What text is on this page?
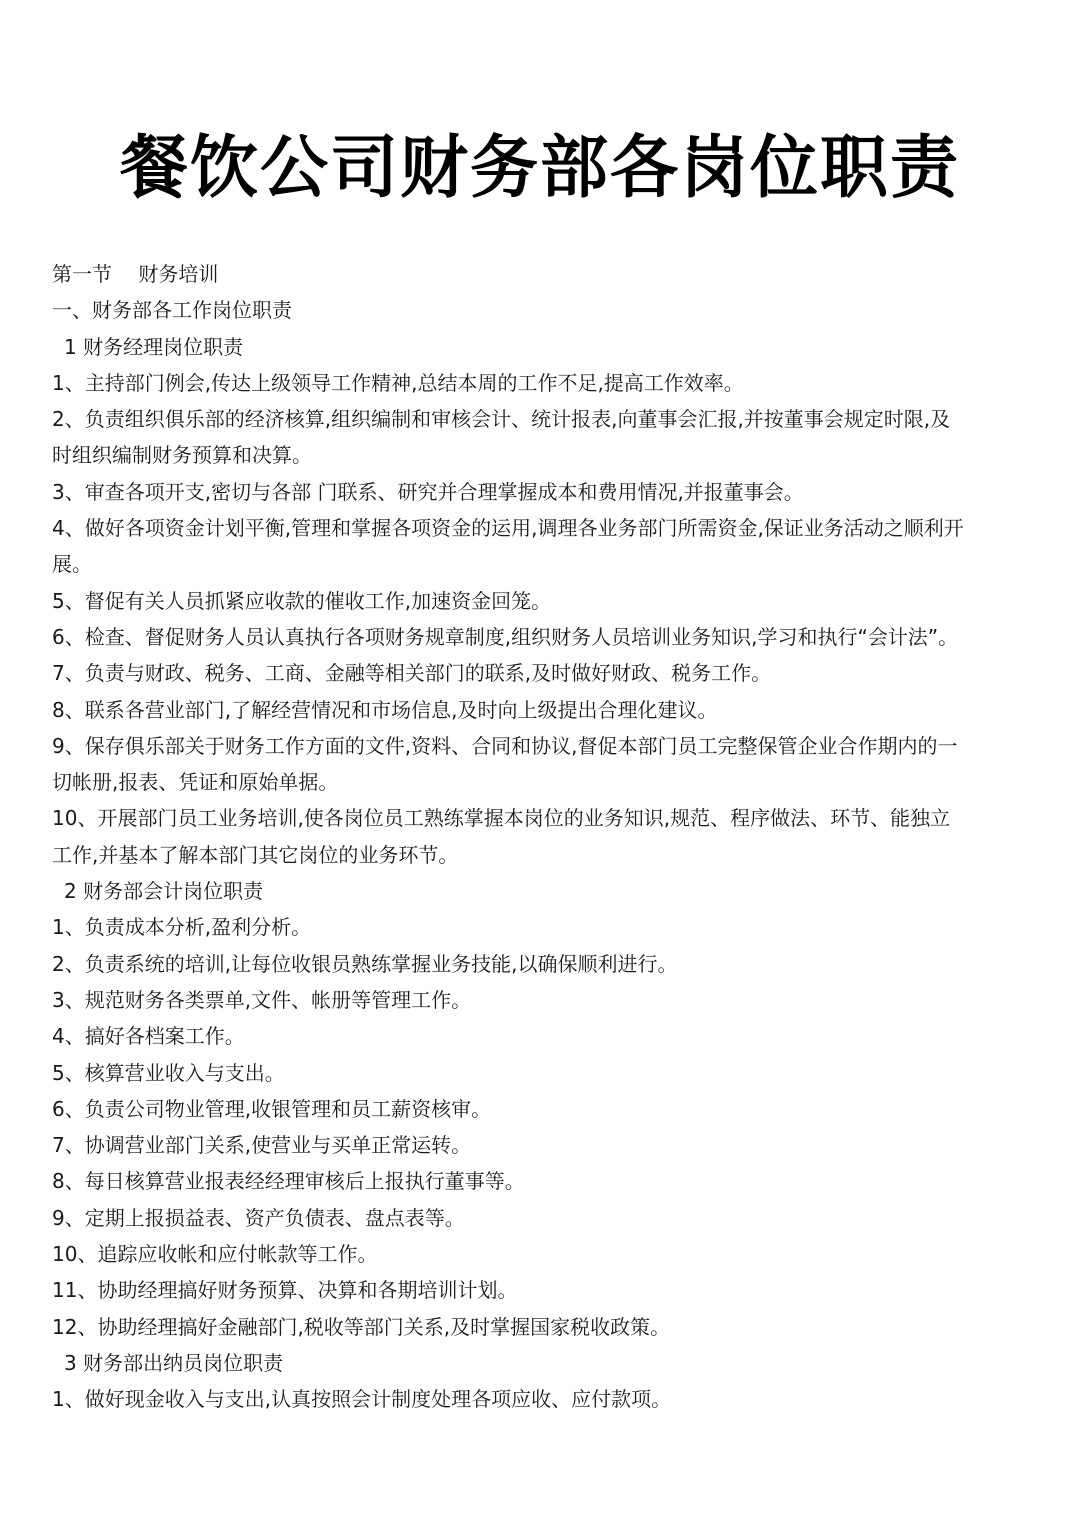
餐饮公司财务部各岗位职责
第一节　 财务培训
一、财务部各工作岗位职责
1 财务经理岗位职责
1、主持部门例会,传达上级领导工作精神,总结本周的工作不足,提高工作效率。
2、负责组织俱乐部的经济核算,组织编制和审核会计、统计报表,向董事会汇报,并按董事会规定时限,及
时组织编制财务预算和决算。
3、审查各项开支,密切与各部 门联系、研究并合理掌握成本和费用情况,并报董事会。
4、做好各项资金计划平衡,管理和掌握各项资金的运用,调理各业务部门所需资金,保证业务活动之顺利开
展。
5、督促有关人员抓紧应收款的催收工作,加速资金回笼。
6、检查、督促财务人员认真执行各项财务规章制度,组织财务人员培训业务知识,学习和执行“会计法”。
7、负责与财政、税务、工商、金融等相关部门的联系,及时做好财政、税务工作。
8、联系各营业部门,了解经营情况和市场信息,及时向上级提出合理化建议。
9、保存俱乐部关于财务工作方面的文件,资料、合同和协议,督促本部门员工完整保管企业合作期内的一
切帐册,报表、凭证和原始单据。
10、开展部门员工业务培训,使各岗位员工熟练掌握本岗位的业务知识,规范、程序做法、环节、能独立
工作,并基本了解本部门其它岗位的业务环节。
2 财务部会计岗位职责
1、负责成本分析,盈利分析。
2、负责系统的培训,让每位收银员熟练掌握业务技能,以确保顺利进行。
3、规范财务各类票单,文件、帐册等管理工作。
4、搞好各档案工作。
5、核算营业收入与支出。
6、负责公司物业管理,收银管理和员工薪资核审。
7、协调营业部门关系,使营业与买单正常运转。
8、每日核算营业报表经经理审核后上报执行董事等。
9、定期上报损益表、资产负债表、盘点表等。
10、追踪应收帐和应付帐款等工作。
11、协助经理搞好财务预算、决算和各期培训计划。
12、协助经理搞好金融部门,税收等部门关系,及时掌握国家税收政策。
3 财务部出纳员岗位职责
1、做好现金收入与支出,认真按照会计制度处理各项应收、应付款项。
